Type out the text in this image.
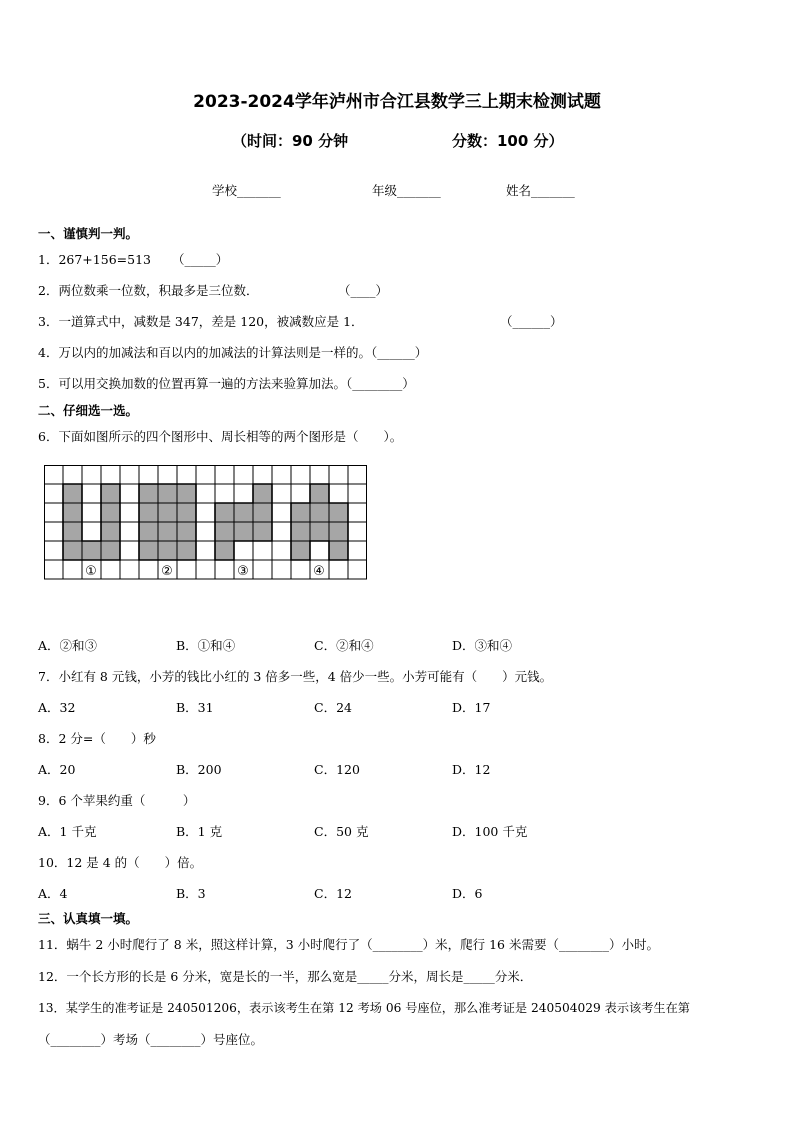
2023-2024学年泸州市合江县数学三上期末检测试题
（时间：90 分钟	分数：100 分）
学校_______	年级_______	姓名_______
一、谨慎判一判。
1．267+156=513 （_____）
2．两位数乘一位数，积最多是三位数．	（____）
3．一道算式中，减数是 347，差是 120，被减数应是 1．	（______）
4．万以内的加减法和百以内的加减法的计算法则是一样的。（______）
5．可以用交换加数的位置再算一遍的方法来验算加法。（________）
二、仔细选一选。
6．下面如图所示的四个图形中、周长相等的两个图形是（　　）。
①	②	③	④
A．②和③	B．①和④	C．②和④	D．③和④
7．小红有 8 元钱，小芳的钱比小红的 3 倍多一些，4 倍少一些。小芳可能有（　　）元钱。
A．32	B．31	C．24	D．17
8．2 分=（　　）秒
A．20	B．200	C．120	D．12
9．6 个苹果约重（　　　）
A．1 千克	B．1 克	C．50 克	D．100 千克
10．12 是 4 的（　　）倍。
A．4	B．3	C．12	D．6
三、认真填一填。
11．蜗牛 2 小时爬行了 8 米，照这样计算，3 小时爬行了（________）米，爬行 16 米需要（________）小时。
12．一个长方形的长是 6 分米，宽是长的一半，那么宽是_____分米，周长是_____分米．
13．某学生的准考证是 240501206，表示该考生在第 12 考场 06 号座位，那么准考证是 240504029 表示该考生在第
（________）考场（________）号座位。
